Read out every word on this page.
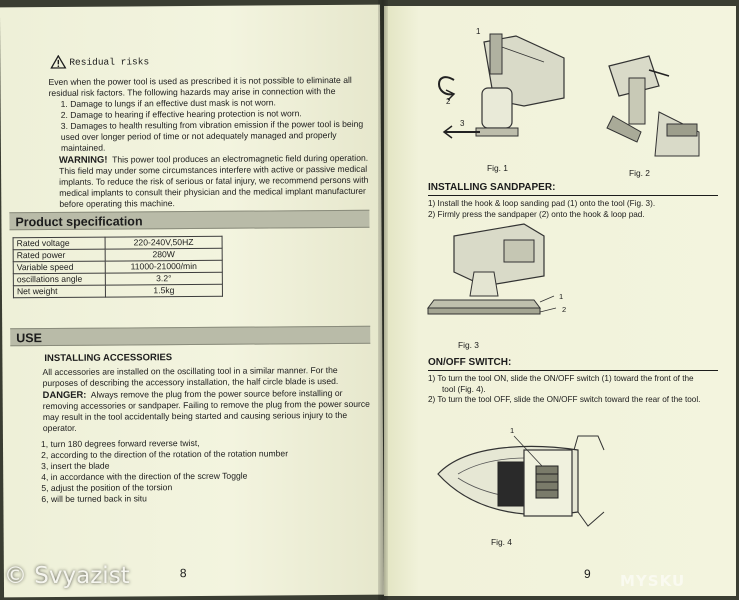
Residual risks

Even when the power tool is used as prescribed it is not possible to eliminate all residual risk factors. The following hazards may arise in connection with the

1. Damage to lungs if an effective dust mask is not worn.
2. Damage to hearing if effective hearing protection is not worn.
3. Damages to health resulting from vibration emission if the power tool is being used over longer period of time or not adequately managed and properly maintained.

WARNING! This power tool produces an electromagnetic field during operation. This field may under some circumstances interfere with active or passive medical implants. To reduce the risk of serious or fatal injury, we recommend persons with medical implants to consult their physician and the medical implant manufacturer before operating this machine.

Product specification
Rated voltage	220-240V,50HZ
Rated power	280W
Variable speed	11000-21000/min
oscillations angle	3.2°
Net weight	1.5kg
USE
INSTALLING ACCESSORIES

All accessories are installed on the oscillating tool in a similar manner. For the purposes of describing the accessory installation, the half circle blade is used.

DANGER: Always remove the plug from the power source before installing or removing accessories or sandpaper. Failing to remove the plug from the power source may result in the tool accidentally being started and causing serious injury to the operator.

1, turn 180 degrees forward reverse twist,
2, according to the direction of the rotation of the rotation number
3, insert the blade
4, in accordance with the direction of the screw Toggle
5, adjust the position of the torsion
6, will be turned back in situ
8
2
3
1
Fig. 1	Fig. 2
INSTALLING SANDPAPER:
1) Install the hook & loop sanding pad (1) onto the tool (Fig. 3).
2) Firmly press the sandpaper (2) onto the hook & loop pad.
1
2
Fig. 3
ON/OFF SWITCH:
1) To turn the tool ON, slide the ON/OFF switch (1) toward the front of the
tool (Fig. 4).
2) To turn the tool OFF, slide the ON/OFF switch toward the rear of the tool.
1
Fig. 4
9
© Svyazist	MYSKU
